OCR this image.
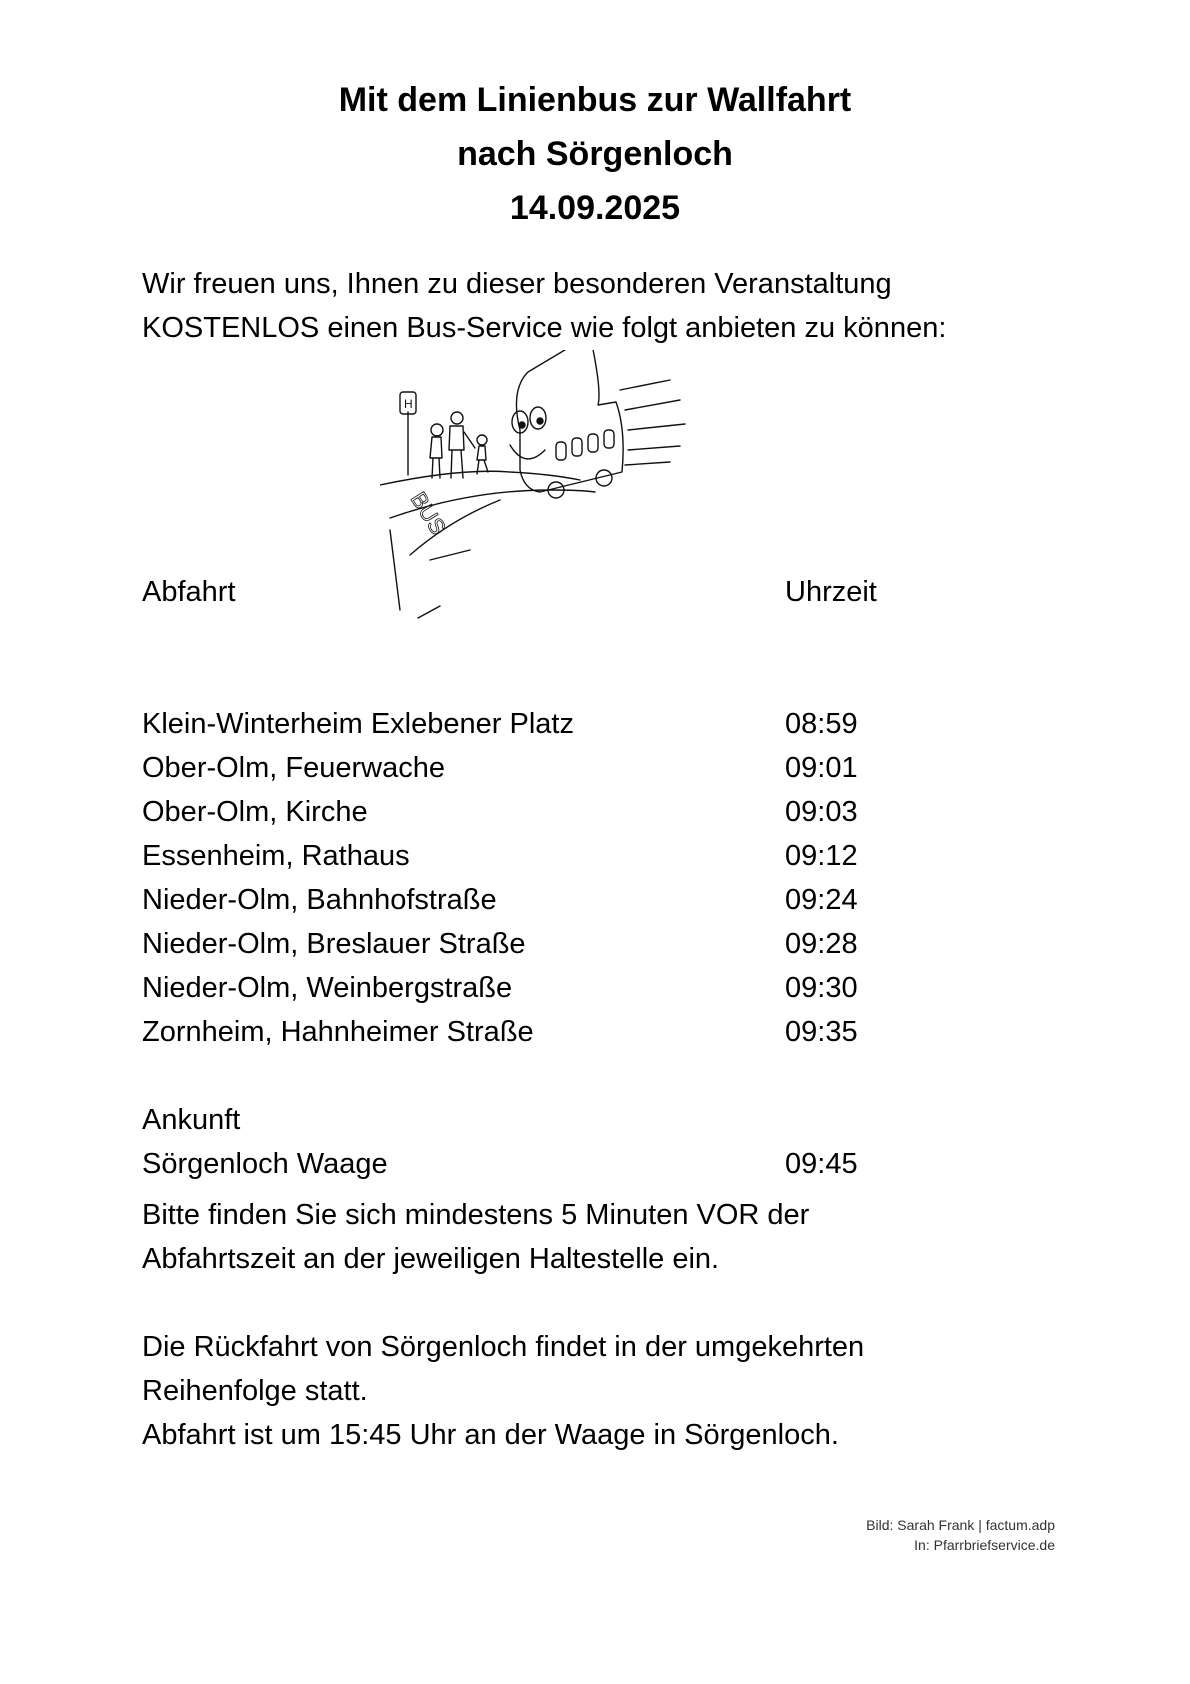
Mit dem Linienbus zur Wallfahrt
nach Sörgenloch
14.09.2025
Wir freuen uns, Ihnen zu dieser besonderen Veranstaltung
KOSTENLOS einen Bus-Service wie folgt anbieten zu können:
BUS
H
Abfahrt	Uhrzeit
Klein-Winterheim Exlebener Platz	08:59
Ober-Olm, Feuerwache	09:01
Ober-Olm, Kirche	09:03
Essenheim, Rathaus	09:12
Nieder-Olm, Bahnhofstraße	09:24
Nieder-Olm, Breslauer Straße	09:28
Nieder-Olm, Weinbergstraße	09:30
Zornheim, Hahnheimer Straße	09:35
Ankunft
Sörgenloch Waage	09:45
Bitte finden Sie sich mindestens 5 Minuten VOR der
Abfahrtszeit an der jeweiligen Haltestelle ein.
Die Rückfahrt von Sörgenloch findet in der umgekehrten
Reihenfolge statt.
Abfahrt ist um 15:45 Uhr an der Waage in Sörgenloch.
Bild: Sarah Frank | factum.adp
In: Pfarrbriefservice.de
